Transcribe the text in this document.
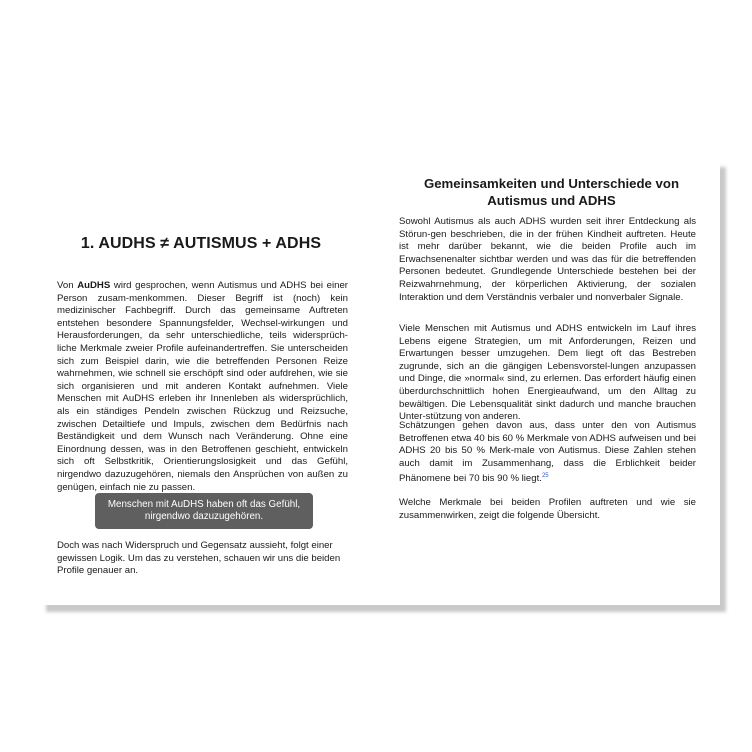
1. AUDHS ≠ AUTISMUS + ADHS

Von AuDHS wird gesprochen, wenn Autismus und ADHS bei einer Person zusam-menkommen. Dieser Begriff ist (noch) kein medizinischer Fachbegriff. Durch das gemeinsame Auftreten entstehen besondere Spannungsfelder, Wechsel-wirkungen und Herausforderungen, da sehr unterschiedliche, teils widersprüch-liche Merkmale zweier Profile aufeinandertreffen. Sie unterscheiden sich zum Beispiel darin, wie die betreffenden Personen Reize wahrnehmen, wie schnell sie erschöpft sind oder aufdrehen, wie sie sich organisieren und mit anderen Kontakt aufnehmen. Viele Menschen mit AuDHS erleben ihr Innenleben als widersprüchlich, als ein ständiges Pendeln zwischen Rückzug und Reizsuche, zwischen Detailtiefe und Impuls, zwischen dem Bedürfnis nach Beständigkeit und dem Wunsch nach Veränderung. Ohne eine Einordnung dessen, was in den Betroffenen geschieht, entwickeln sich oft Selbstkritik, Orientierungslosigkeit und das Gefühl, nirgendwo dazuzugehören, niemals den Ansprüchen von außen zu genügen, einfach nie zu passen.

Menschen mit AuDHS haben oft das Gefühl,
nirgendwo dazuzugehören.

Doch was nach Widerspruch und Gegensatz aussieht, folgt einer gewissen Logik. Um das zu verstehen, schauen wir uns die beiden Profile genauer an.

Gemeinsamkeiten und Unterschiede von Autismus und ADHS

Sowohl Autismus als auch ADHS wurden seit ihrer Entdeckung als Störun-gen beschrieben, die in der frühen Kindheit auftreten. Heute ist mehr darüber bekannt, wie die beiden Profile auch im Erwachsenenalter sichtbar werden und was das für die betreffenden Personen bedeutet. Grundlegende Unterschiede bestehen bei der Reizwahrnehmung, der körperlichen Aktivierung, der sozialen Interaktion und dem Verständnis verbaler und nonverbaler Signale.

Viele Menschen mit Autismus und ADHS entwickeln im Lauf ihres Lebens eigene Strategien, um mit Anforderungen, Reizen und Erwartungen besser umzugehen. Dem liegt oft das Bestreben zugrunde, sich an die gängigen Lebensvorstel-lungen anzupassen und Dinge, die »normal« sind, zu erlernen. Das erfordert häufig einen überdurchschnittlich hohen Energieaufwand, um den Alltag zu bewältigen. Die Lebensqualität sinkt dadurch und manche brauchen Unter-stützung von anderen.

Schätzungen gehen davon aus, dass unter den von Autismus Betroffenen etwa 40 bis 60 % Merkmale von ADHS aufweisen und bei ADHS 20 bis 50 % Merk-male von Autismus. Diese Zahlen stehen auch damit im Zusammenhang, dass die Erblichkeit beider Phänomene bei 70 bis 90 % liegt.$^{25}$

Welche Merkmale bei beiden Profilen auftreten und wie sie zusammenwirken, zeigt die folgende Übersicht.
